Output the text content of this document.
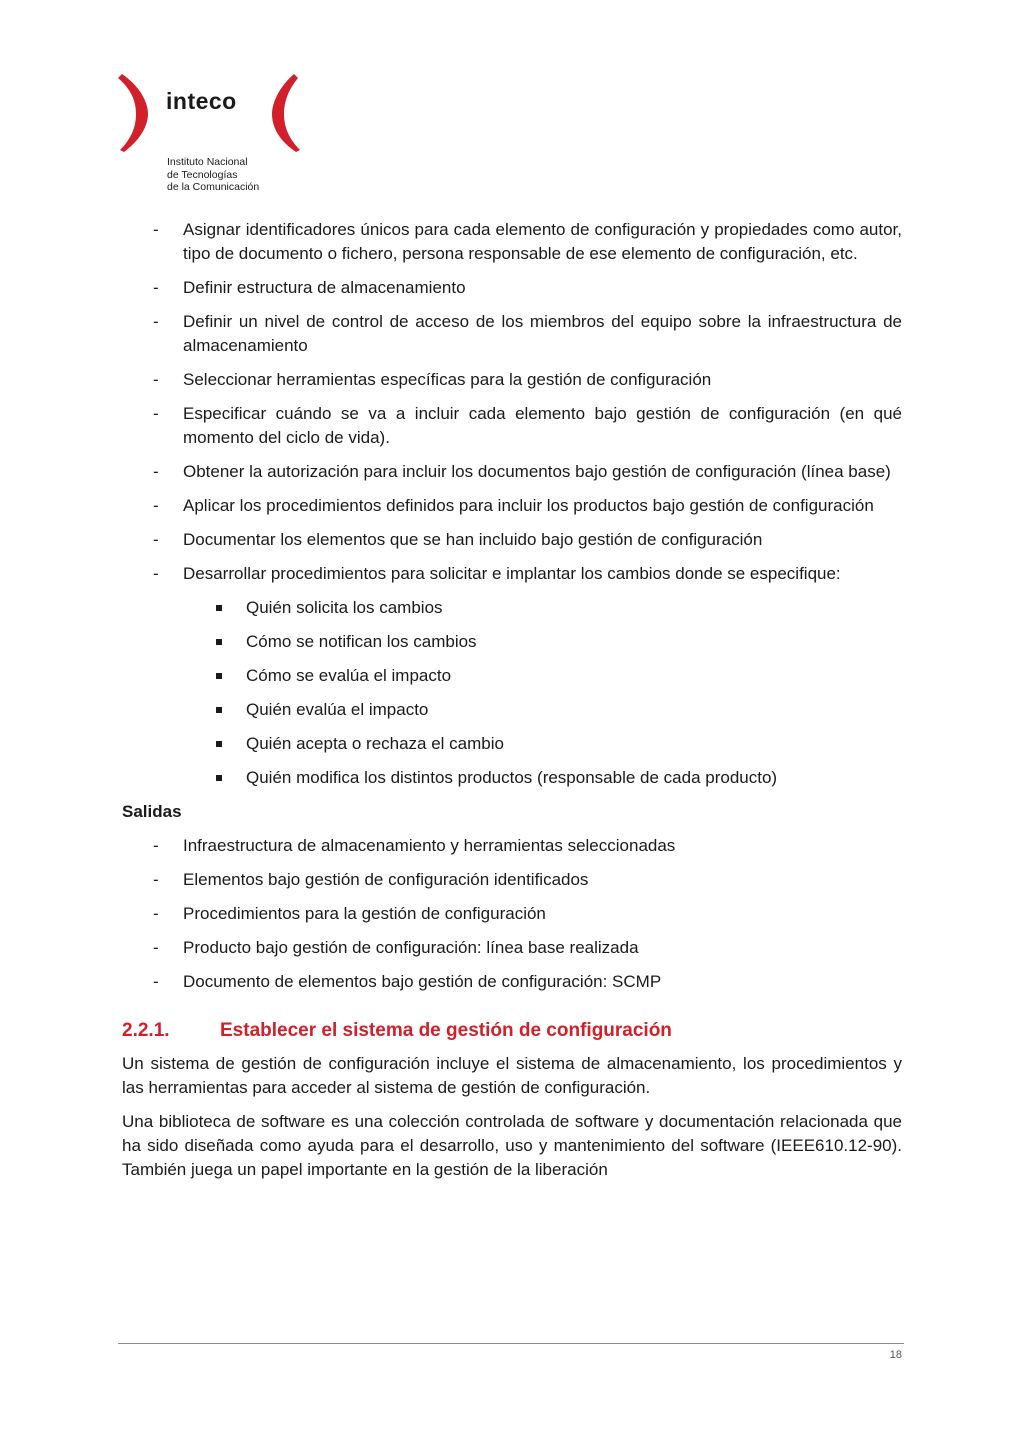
inteco
Instituto Nacional
de Tecnologías
de la Comunicación
- Asignar identificadores únicos para cada elemento de configuración y propiedades como autor, tipo de documento o fichero, persona responsable de ese elemento de configuración, etc.
- Definir estructura de almacenamiento
- Definir un nivel de control de acceso de los miembros del equipo sobre la infraestructura de almacenamiento
- Seleccionar herramientas específicas para la gestión de configuración
- Especificar cuándo se va a incluir cada elemento bajo gestión de configuración (en qué momento del ciclo de vida).
- Obtener la autorización para incluir los documentos bajo gestión de configuración (línea base)
- Aplicar los procedimientos definidos para incluir los productos bajo gestión de configuración
- Documentar los elementos que se han incluido bajo gestión de configuración
- Desarrollar procedimientos para solicitar e implantar los cambios donde se especifique:
Quién solicita los cambios
Cómo se notifican los cambios
Cómo se evalúa el impacto
Quién evalúa el impacto
Quién acepta o rechaza el cambio
Quién modifica los distintos productos (responsable de cada producto)
Salidas
- Infraestructura de almacenamiento y herramientas seleccionadas
- Elementos bajo gestión de configuración identificados
- Procedimientos para la gestión de configuración
- Producto bajo gestión de configuración: línea base realizada
- Documento de elementos bajo gestión de configuración: SCMP
2.2.1.	Establecer el sistema de gestión de configuración

Un sistema de gestión de configuración incluye el sistema de almacenamiento, los procedimientos y las herramientas para acceder al sistema de gestión de configuración.

Una biblioteca de software es una colección controlada de software y documentación relacionada que ha sido diseñada como ayuda para el desarrollo, uso y mantenimiento del software (IEEE610.12-90). También juega un papel importante en la gestión de la liberación

18
